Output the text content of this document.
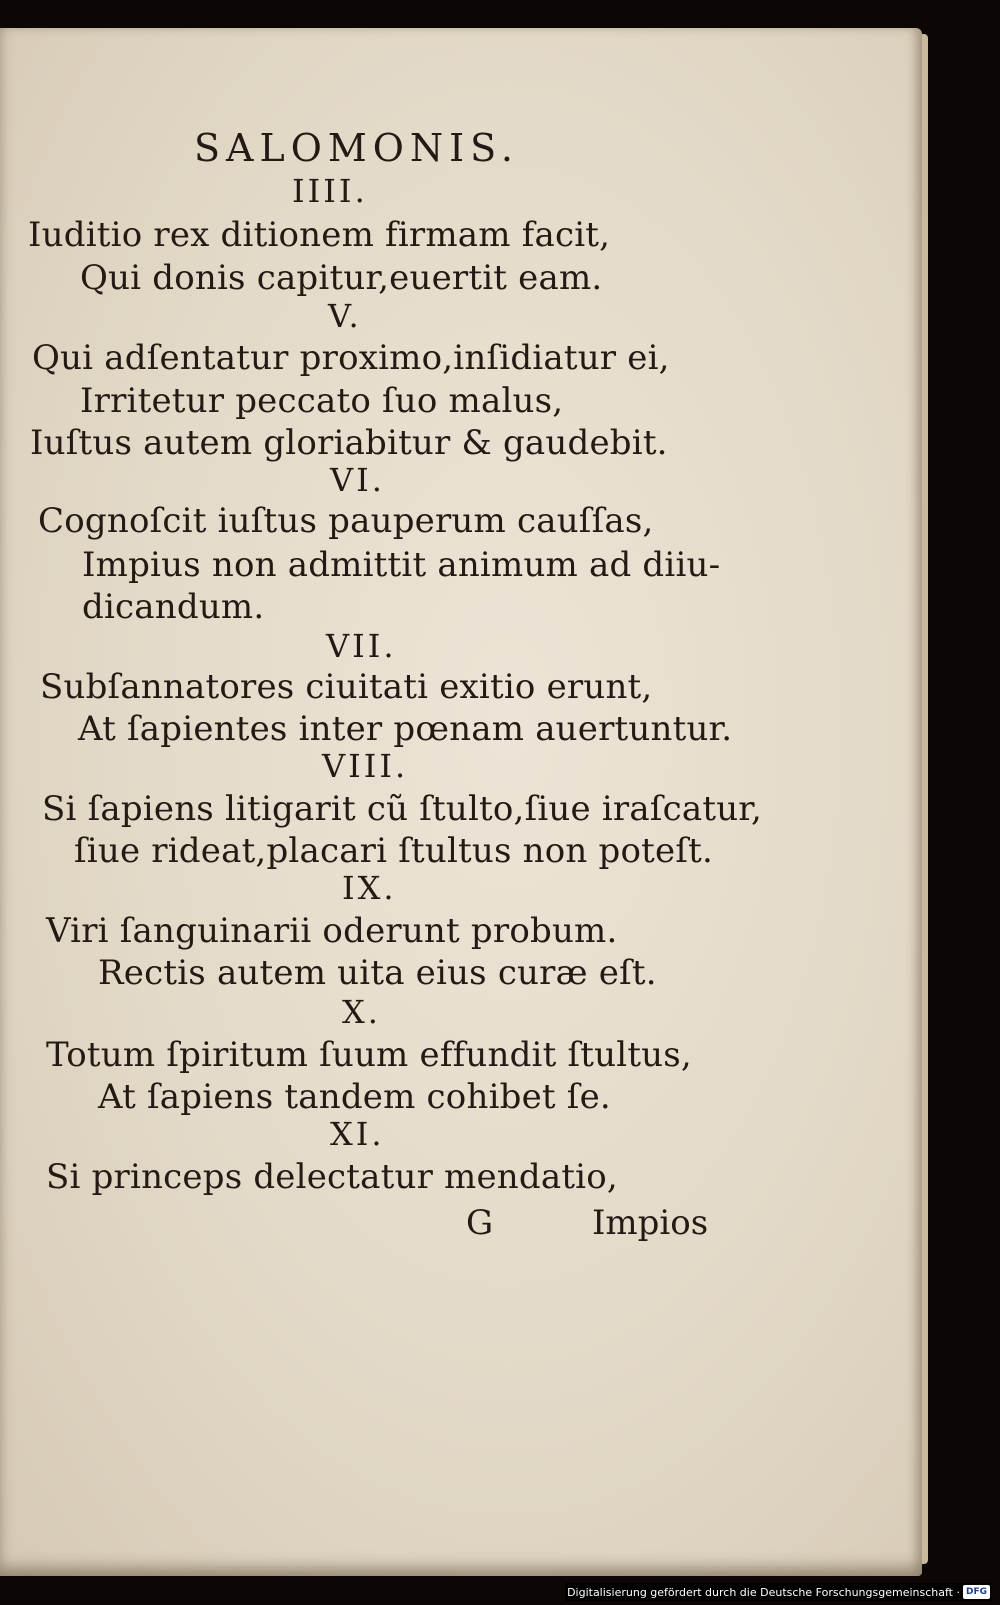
SALOMONIS.
IIII.
Iuditio rex ditionem firmam facit,
Qui donis capitur,euertit eam.
V.
Qui adſentatur proximo,inſidiatur ei,
Irritetur peccato ſuo malus,
Iuſtus autem gloriabitur & gaudebit.
VI.
Cognoſcit iuſtus pauperum cauſſas,
Impius non admittit animum ad diiu-
dicandum.
VII.
Subſannatores ciuitati exitio erunt,
At ſapientes inter pœnam auertuntur.
VIII.
Si ſapiens litigarit cũ ſtulto,ſiue iraſcatur,
ſiue rideat,placari ſtultus non poteſt.
IX.
Viri ſanguinarii oderunt probum.
Rectis autem uita eius curæ eſt.
X.
Totum ſpiritum ſuum effundit ſtultus,
At ſapiens tandem cohibet ſe.
XI.
Si princeps delectatur mendatio,
G	Impios
Digitalisierung gefördert durch die Deutsche Forschungsgemeinschaft · DFG
